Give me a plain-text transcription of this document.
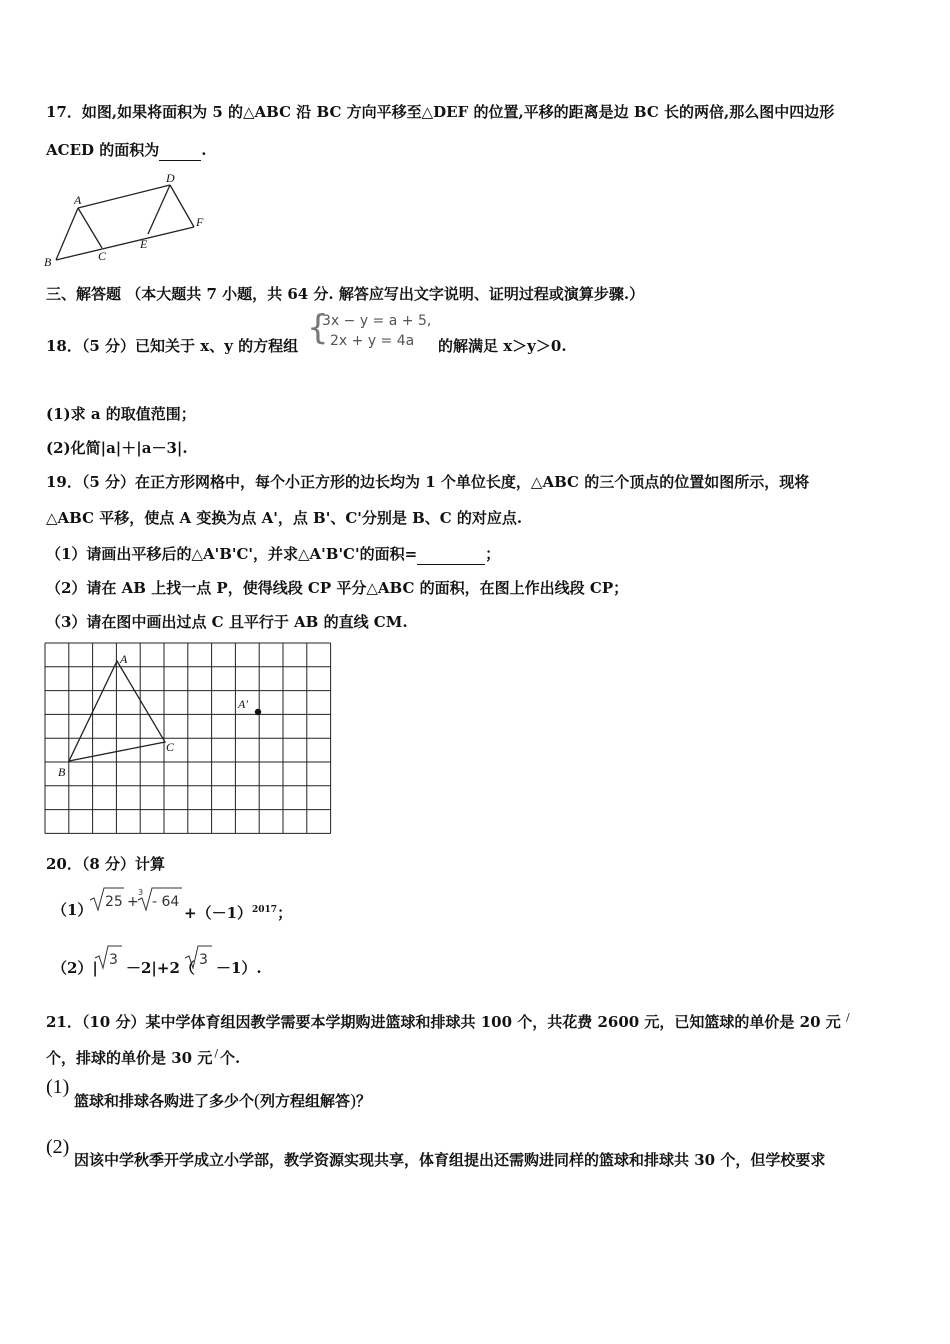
17．如图,如果将面积为 5 的△ABC 沿 BC 方向平移至△DEF 的位置,平移的距离是边 BC 长的两倍,那么图中四边形
ACED 的面积为	.
A
B	C
D
E
F
三、解答题 （本大题共 7 小题，共 64 分. 解答应写出文字说明、证明过程或演算步骤.）
18．（5 分）已知关于 x、y 的方程组 {
3x − y = a + 5,
2x + y = 4a 的解满足 x＞y＞0.
(1)求 a 的取值范围；
(2)化简|a|＋|a－3|.
19．（5 分）在正方形网格中，每个小正方形的边长均为 1 个单位长度，△ABC 的三个顶点的位置如图所示，现将
△ABC 平移，使点 A 变换为点 A'，点 B'、C'分别是 B、C 的对应点.
（1）请画出平移后的△A'B'C'，并求△A'B'C'的面积=	；
（2）请在 AB 上找一点 P，使得线段 CP 平分△ABC 的面积，在图上作出线段 CP；
（3）请在图中画出过点 C 且平行于 AB 的直线 CM.
A
B
C
A′
20．（8 分）计算
（1） 25 +
3
- 64
$+(-1)^{2017}$；
（2）| 3 －2|+2（ 3 －1）.
21．（10 分）某中学体育组因教学需要本学期购进篮球和排球共 100 个，共花费 2600 元，已知篮球的单价是 20 元 /
个，排球的单价是 30 元 / 个.
(1)
篮球和排球各购进了多少个(列方程组解答)？
(2)
因该中学秋季开学成立小学部，教学资源实现共享，体育组提出还需购进同样的篮球和排球共 30 个，但学校要求
